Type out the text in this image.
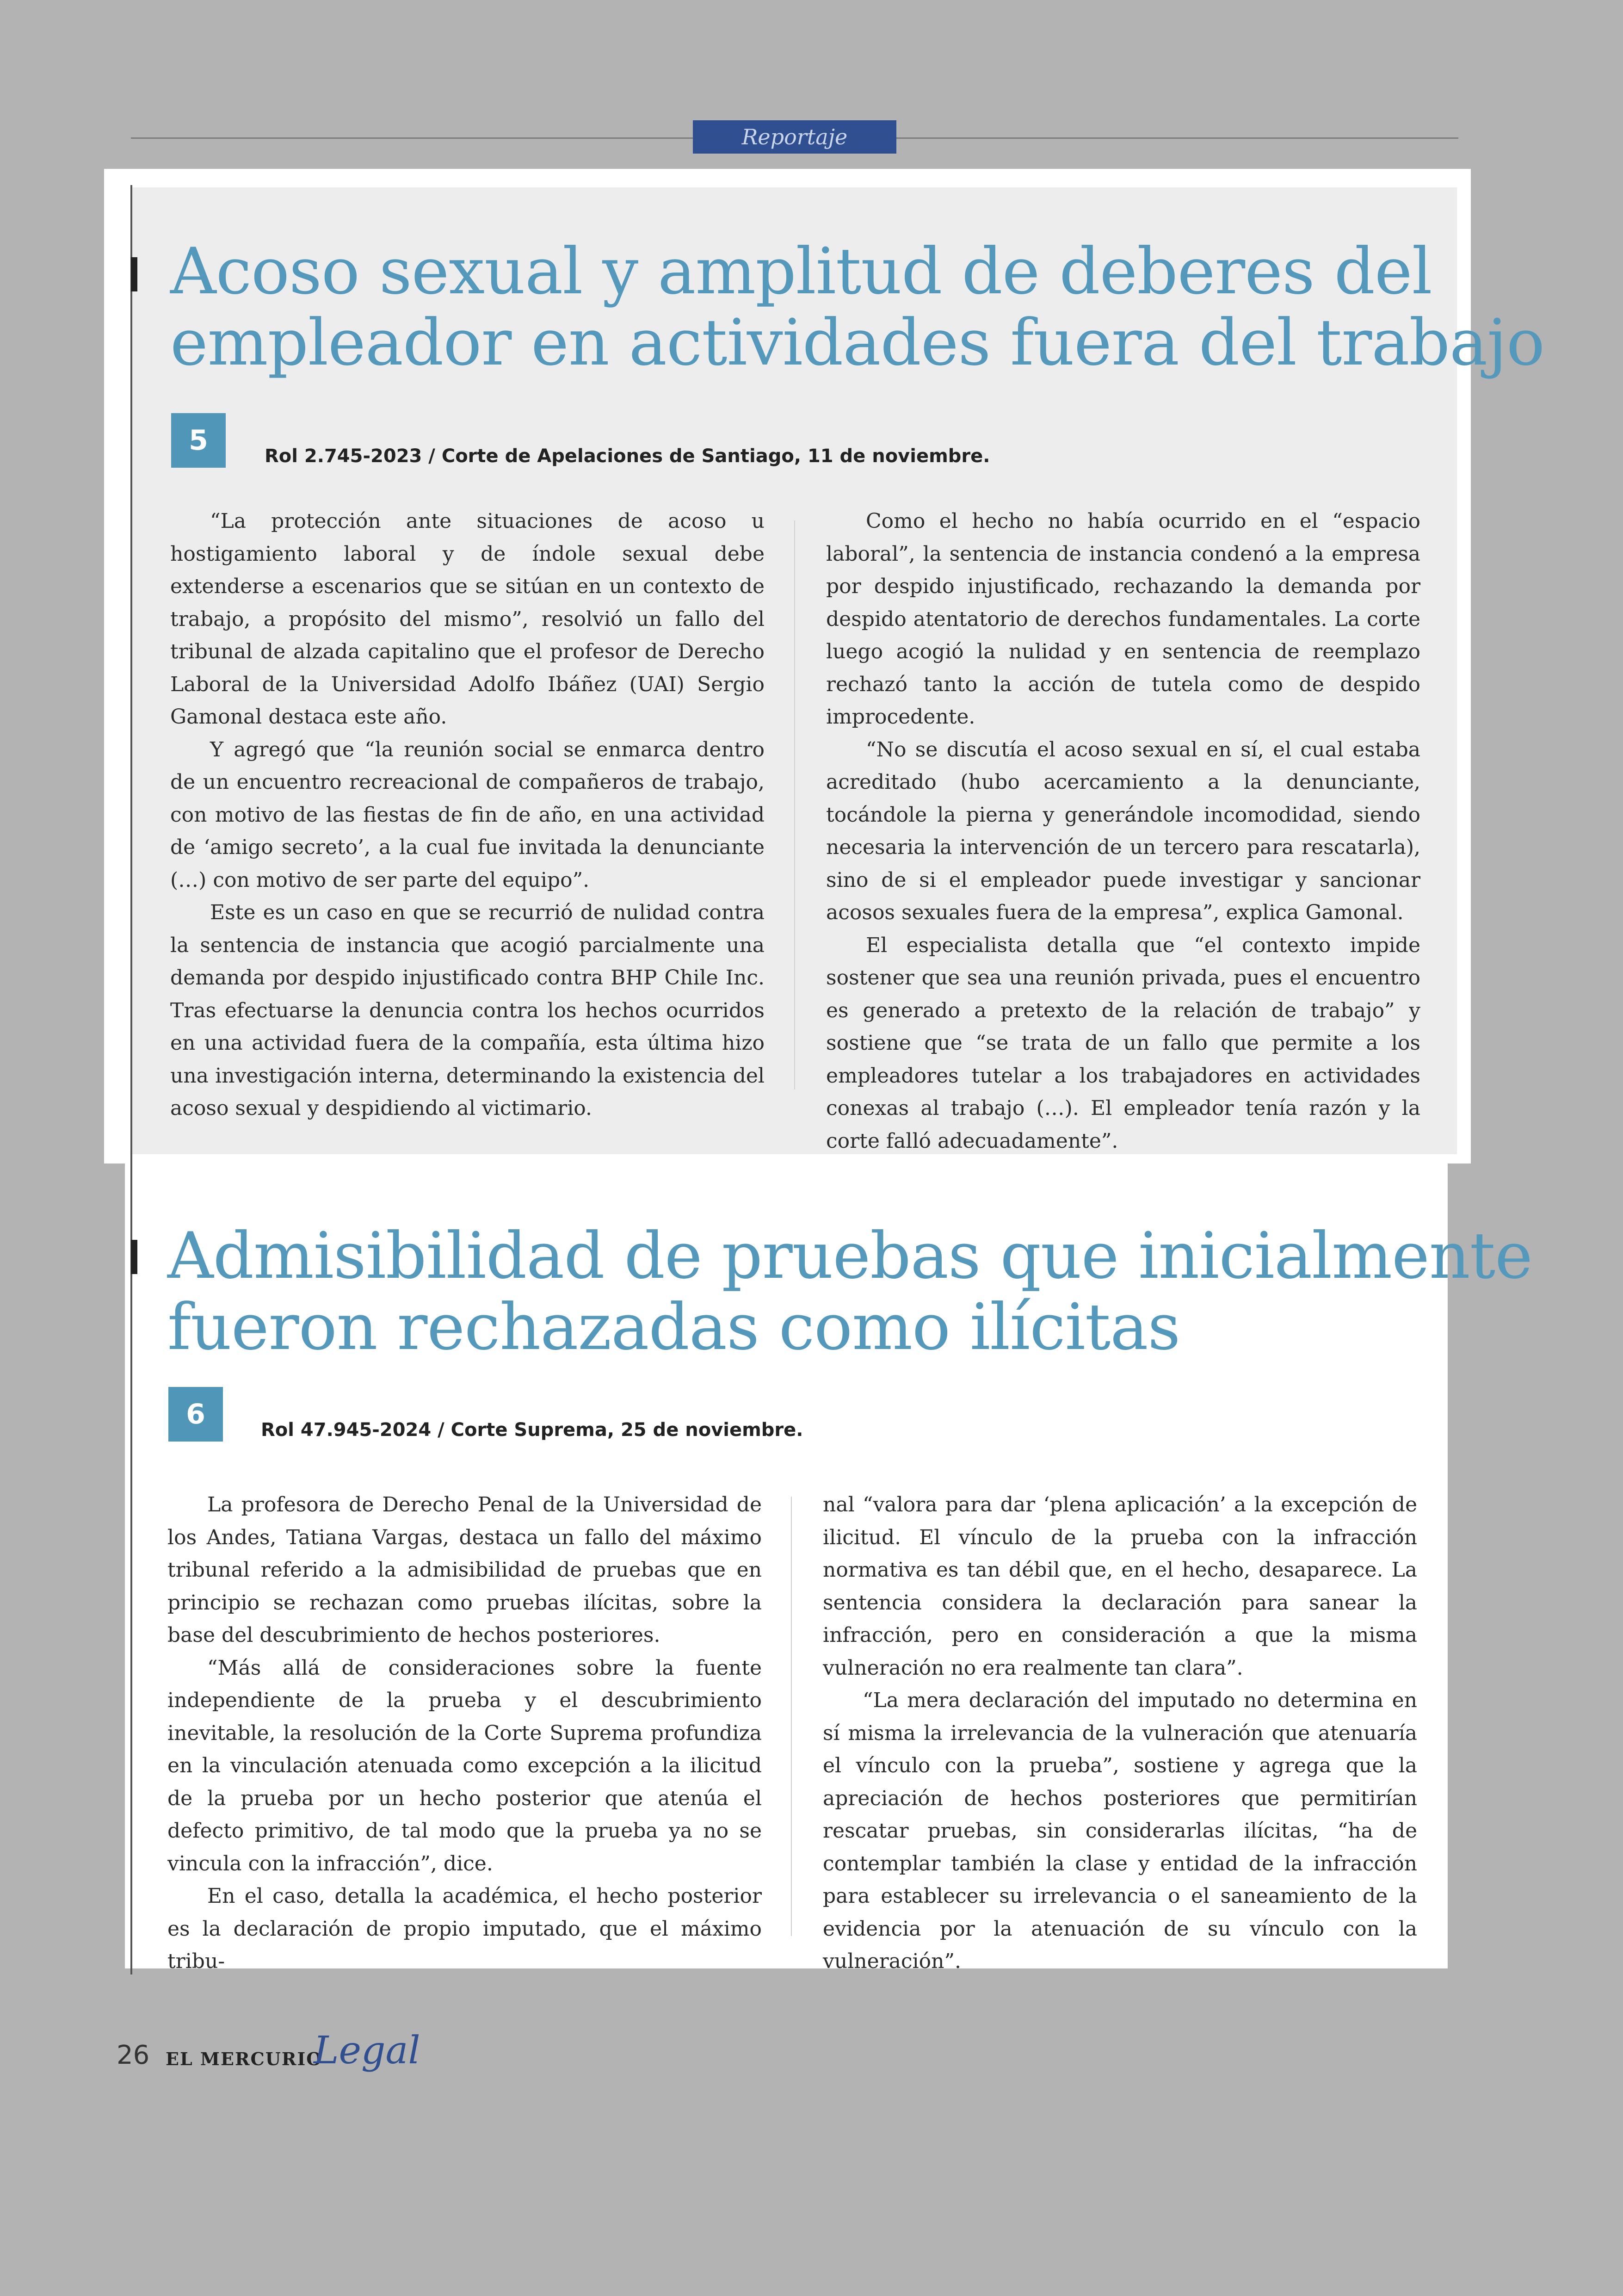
Reportaje
Acoso sexual y amplitud de deberes del
empleador en actividades fuera del trabajo
5	Rol 2.745-2023 / Corte de Apelaciones de Santiago, 11 de noviembre.

“La protección ante situaciones de acoso u hostigamiento laboral y de índole sexual debe extenderse a escenarios que se sitúan en un contexto de trabajo, a propósito del mismo”, resolvió un fallo del tribunal de alzada capitalino que el profesor de Derecho Laboral de la Universidad Adolfo Ibáñez (UAI) Sergio Gamonal destaca este año.

Y agregó que “la reunión social se enmarca dentro de un encuentro recreacional de compañeros de trabajo, con motivo de las fiestas de fin de año, en una actividad de ‘amigo secreto’, a la cual fue invitada la denunciante (…) con motivo de ser parte del equipo”.

Este es un caso en que se recurrió de nulidad contra la sentencia de instancia que acogió parcialmente una demanda por despido injustificado contra BHP Chile Inc. Tras efectuarse la denuncia contra los hechos ocurridos en una actividad fuera de la compañía, esta última hizo una investigación interna, determinando la existencia del acoso sexual y despidiendo al victimario.

Como el hecho no había ocurrido en el “espacio laboral”, la sentencia de instancia condenó a la empresa por despido injustificado, rechazando la demanda por despido atentatorio de derechos fundamentales. La corte luego acogió la nulidad y en sentencia de reemplazo rechazó tanto la acción de tutela como de despido improcedente.

“No se discutía el acoso sexual en sí, el cual estaba acreditado (hubo acercamiento a la denunciante, tocándole la pierna y generándole incomodidad, siendo necesaria la intervención de un tercero para rescatarla), sino de si el empleador puede investigar y sancionar acosos sexuales fuera de la empresa”, explica Gamonal.

El especialista detalla que “el contexto impide sostener que sea una reunión privada, pues el encuentro es generado a pretexto de la relación de trabajo” y sostiene que “se trata de un fallo que permite a los empleadores tutelar a los trabajadores en actividades conexas al trabajo (…). El empleador tenía razón y la corte falló adecuadamente”.

Admisibilidad de pruebas que inicialmente
fueron rechazadas como ilícitas
6	Rol 47.945-2024 / Corte Suprema, 25 de noviembre.

La profesora de Derecho Penal de la Universidad de los Andes, Tatiana Vargas, destaca un fallo del máximo tribunal referido a la admisibilidad de pruebas que en principio se rechazan como pruebas ilícitas, sobre la base del descubrimiento de hechos posteriores.

“Más allá de consideraciones sobre la fuente independiente de la prueba y el descubrimiento inevitable, la resolución de la Corte Suprema profundiza en la vinculación atenuada como excepción a la ilicitud de la prueba por un hecho posterior que atenúa el defecto primitivo, de tal modo que la prueba ya no se vincula con la infracción”, dice.

En el caso, detalla la académica, el hecho posterior es la declaración de propio imputado, que el máximo tribu-

nal “valora para dar ‘plena aplicación’ a la excepción de ilicitud. El vínculo de la prueba con la infracción normativa es tan débil que, en el hecho, desaparece. La sentencia considera la declaración para sanear la infracción, pero en consideración a que la misma vulneración no era realmente tan clara”.

“La mera declaración del imputado no determina en sí misma la irrelevancia de la vulneración que atenuaría el vínculo con la prueba”, sostiene y agrega que la apreciación de hechos posteriores que permitirían rescatar pruebas, sin considerarlas ilícitas, “ha de contemplar también la clase y entidad de la infracción para establecer su irrelevancia o el saneamiento de la evidencia por la atenuación de su vínculo con la vulneración”.

26 EL MERCURIO
Legal
